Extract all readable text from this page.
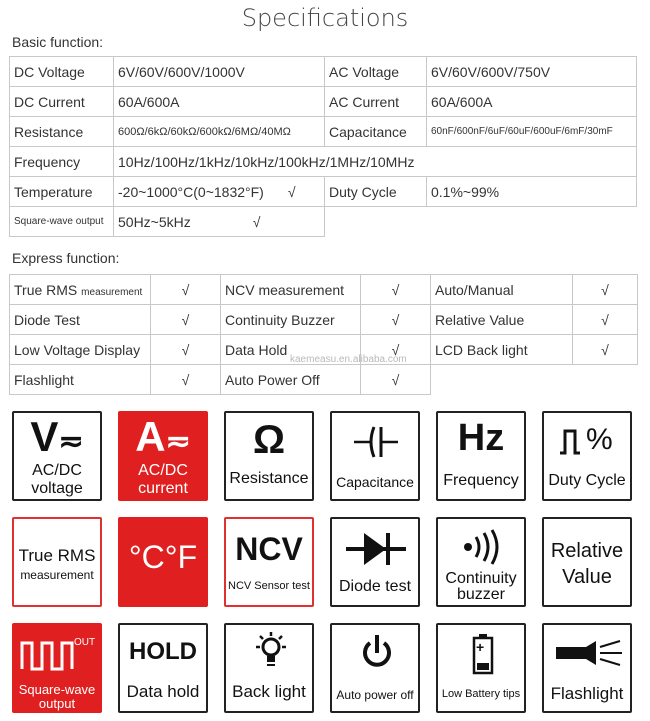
Specifications
Basic function:
DC Voltage	6V/60V/600V/1000V	AC Voltage	6V/60V/600V/750V
DC Current	60A/600A	AC Current	60A/600A
Resistance	600Ω/6kΩ/60kΩ/600kΩ/6MΩ/40MΩ	Capacitance	60nF/600nF/6uF/60uF/600uF/6mF/30mF
Frequency	10Hz/100Hz/1kHz/10kHz/100kHz/1MHz/10MHz		
Temperature	-20~1000°C(0~1832°F) √	Duty Cycle	0.1%~99%
Square-wave output	50Hz~5kHz √		
Express function:
True RMS measurement	√	NCV measurement	√	Auto/Manual	√
Diode Test	√	Continuity Buzzer	√	Relative Value	√
Low Voltage Display	√	Data Hold	√	LCD Back light	√
Flashlight	√	Auto Power Off	√		
kaemeasu.en.alibaba.com
V≂
AC/DC
voltage
A≂
AC/DC
current
Ω
Resistance Capacitance
Hz
Frequency
%
Duty Cycle
True RMS
measurement °C°F NCV
NCV Sensor test	Diode test	Continuity
buzzer
Relative
Value
OUT
Square-wave
output
HOLD
Data hold	Back light	Auto power off
+
Low Battery tips	Flashlight
